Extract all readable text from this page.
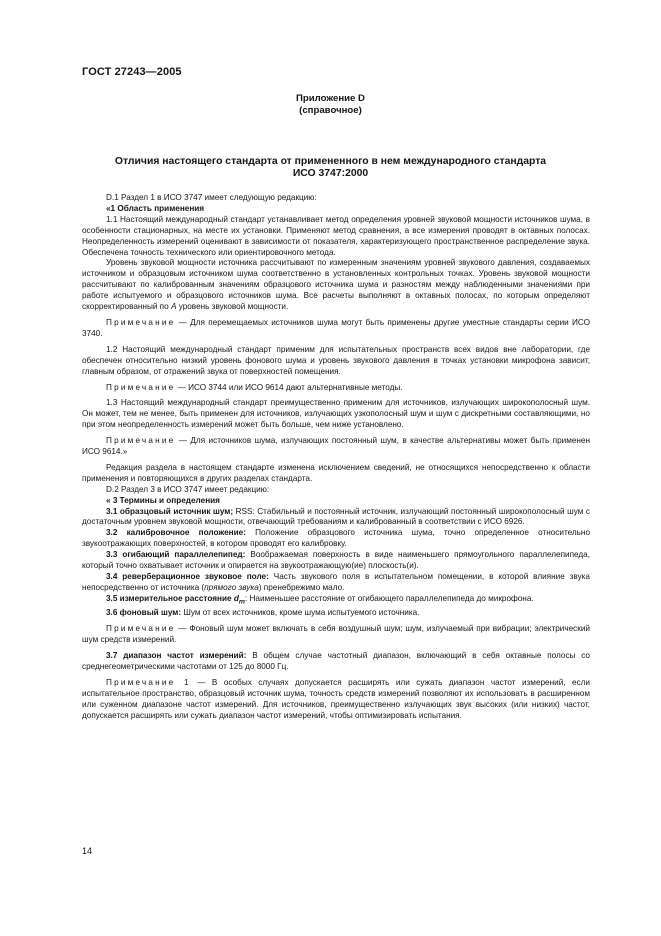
ГОСТ 27243—2005
Приложение D
(справочное)
Отличия настоящего стандарта от примененного в нем международного стандарта
ИСО 3747:2000

D.1 Раздел 1 в ИСО 3747 имеет следующую редакцию:

«1 Область применения

1.1 Настоящий международный стандарт устанавливает метод определения уровней звуковой мощности источников шума, в особенности стационарных, на месте их установки. Применяют метод сравнения, а все измерения проводят в октавных полосах. Неопределенность измерений оценивают в зависимости от показателя, характеризующего пространственное распределение звука. Обеспечена точность технического или ориентировочного метода.

Уровень звуковой мощности источника рассчитывают по измеренным значениям уровней звукового давления, создаваемых источником и образцовым источником шума соответственно в установленных контрольных точках. Уровень звуковой мощности рассчитывают по калиброванным значениям образцового источника шума и разностям между наблюденными значениями при работе испытуемого и образцового источников шума. Все расчеты выполняют в октавных полосах, по которым определяют скорректированный по A уровень звуковой мощности.

Примечание — Для перемещаемых источников шума могут быть применены другие уместные стандарты серии ИСО 3740.

1.2 Настоящий международный стандарт применим для испытательных пространств всех видов вне лаборатории, где обеспечен относительно низкий уровень фонового шума и уровень звукового давления в точках установки микрофона зависит, главным образом, от отражений звука от поверхностей помещения.

Примечание — ИСО 3744 или ИСО 9614 дают альтернативные методы.

1.3 Настоящий международный стандарт преимущественно применим для источников, излучающих широкополосный шум. Он может, тем не менее, быть применен для источников, излучающих узкополосный шум и шум с дискретными составляющими, но при этом неопределенность измерений может быть больше, чем ниже установлено.

Примечание — Для источников шума, излучающих постоянный шум, в качестве альтернативы может быть применен ИСО 9614.»

Редакция раздела в настоящем стандарте изменена исключением сведений, не относящихся непосредственно к области применения и повторяющихся в других разделах стандарта.

D.2 Раздел 3 в ИСО 3747 имеет редакцию:

« 3 Термины и определения

3.1 образцовый источник шум; RSS: Стабильный и постоянный источник, излучающий постоянный широкополосный шум с достаточным уровнем звуковой мощности, отвечающий требованиям и калиброванный в соответствии с ИСО 6926.

3.2 калибровочное положение: Положение образцового источника шума, точно определенное относительно звукоотражающих поверхностей, в котором проводят его калибровку.

3.3 огибающий параллелепипед: Воображаемая поверхность в виде наименьшего прямоугольного параллелепипеда, который точно охватывает источник и опирается на звукоотражающую(ие) плоскость(и).

3.4 реверберационное звуковое поле: Часть звукового поля в испытательном помещении, в которой влияние звука непосредственно от источника (прямого звука) пренебрежимо мало.

3.5 измерительное расстояние $d_m$: Наименьшее расстояние от огибающего параллелепипеда до микрофона.

3.6 фоновый шум: Шум от всех источников, кроме шума испытуемого источника.

Примечание — Фоновый шум может включать в себя воздушный шум; шум, излучаемый при вибрации; электрический шум средств измерений.

3.7 диапазон частот измерений: В общем случае частотный диапазон, включающий в себя октавные полосы со среднегеометрическими частотами от 125 до 8000 Гц.

Примечание 1 — В особых случаях допускается расширять или сужать диапазон частот измерений, если испытательное пространство, образцовый источник шума, точность средств измерений позволяют их использовать в расширенном или суженном диапазоне частот измерений. Для источников, преимущественно излучающих звук высоких (или низких) частот, допускается расширять или сужать диапазон частот измерений, чтобы оптимизировать испытания.

14
